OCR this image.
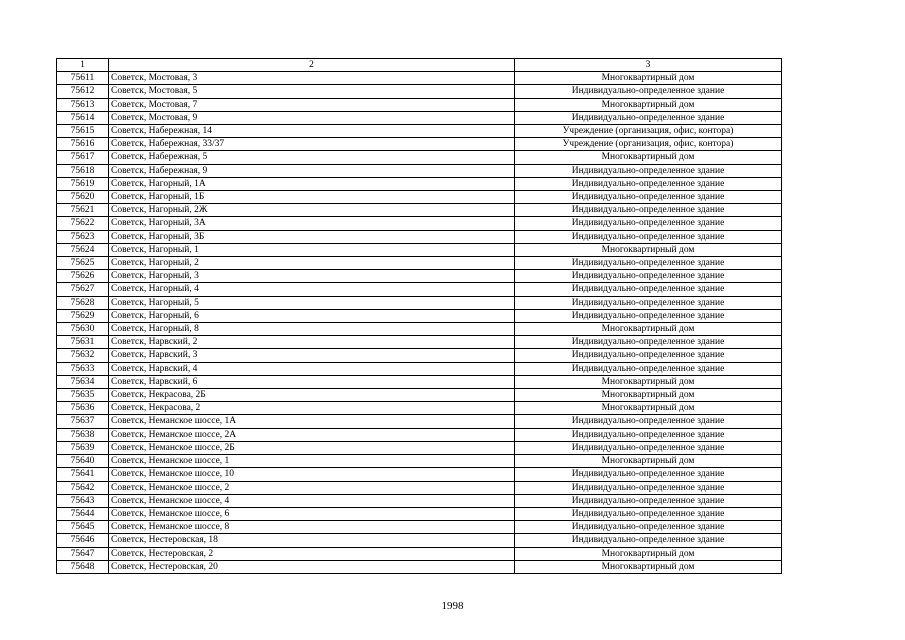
1	2	3
75611	Советск, Мостовая, 3	Многоквартирный дом
75612	Советск, Мостовая, 5	Индивидуально-определенное здание
75613	Советск, Мостовая, 7	Многоквартирный дом
75614	Советск, Мостовая, 9	Индивидуально-определенное здание
75615	Советск, Набережная, 14	Учреждение (организация, офис, контора)
75616	Советск, Набережная, 33/37	Учреждение (организация, офис, контора)
75617	Советск, Набережная, 5	Многоквартирный дом
75618	Советск, Набережная, 9	Индивидуально-определенное здание
75619	Советск, Нагорный, 1А	Индивидуально-определенное здание
75620	Советск, Нагорный, 1Б	Индивидуально-определенное здание
75621	Советск, Нагорный, 2Ж	Индивидуально-определенное здание
75622	Советск, Нагорный, 3А	Индивидуально-определенное здание
75623	Советск, Нагорный, 3Б	Индивидуально-определенное здание
75624	Советск, Нагорный, 1	Многоквартирный дом
75625	Советск, Нагорный, 2	Индивидуально-определенное здание
75626	Советск, Нагорный, 3	Индивидуально-определенное здание
75627	Советск, Нагорный, 4	Индивидуально-определенное здание
75628	Советск, Нагорный, 5	Индивидуально-определенное здание
75629	Советск, Нагорный, 6	Индивидуально-определенное здание
75630	Советск, Нагорный, 8	Многоквартирный дом
75631	Советск, Нарвский, 2	Индивидуально-определенное здание
75632	Советск, Нарвский, 3	Индивидуально-определенное здание
75633	Советск, Нарвский, 4	Индивидуально-определенное здание
75634	Советск, Нарвский, 6	Многоквартирный дом
75635	Советск, Некрасова, 2Б	Многоквартирный дом
75636	Советск, Некрасова, 2	Многоквартирный дом
75637	Советск, Неманское шоссе, 1А	Индивидуально-определенное здание
75638	Советск, Неманское шоссе, 2А	Индивидуально-определенное здание
75639	Советск, Неманское шоссе, 2Б	Индивидуально-определенное здание
75640	Советск, Неманское шоссе, 1	Многоквартирный дом
75641	Советск, Неманское шоссе, 10	Индивидуально-определенное здание
75642	Советск, Неманское шоссе, 2	Индивидуально-определенное здание
75643	Советск, Неманское шоссе, 4	Индивидуально-определенное здание
75644	Советск, Неманское шоссе, 6	Индивидуально-определенное здание
75645	Советск, Неманское шоссе, 8	Индивидуально-определенное здание
75646	Советск, Нестеровская, 18	Индивидуально-определенное здание
75647	Советск, Нестеровская, 2	Многоквартирный дом
75648	Советск, Нестеровская, 20	Многоквартирный дом
1998
